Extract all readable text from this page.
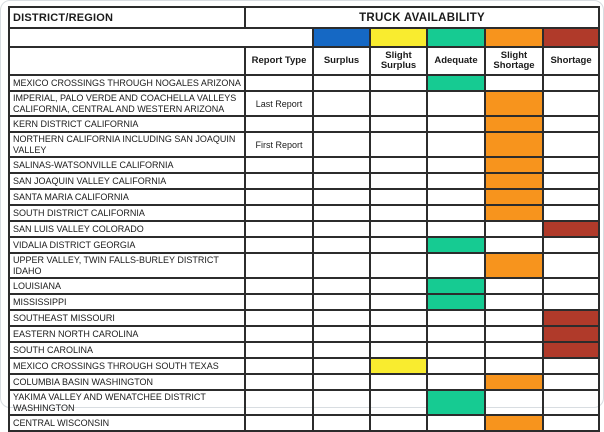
DISTRICT/REGION	TRUCK AVAILABILITY					

	Report Type	Surplus	Slight Surplus	Adequate	Slight Shortage	Shortage
MEXICO CROSSINGS THROUGH NOGALES ARIZONA						
IMPERIAL, PALO VERDE AND COACHELLA VALLEYS CALIFORNIA, CENTRAL AND WESTERN ARIZONA	Last Report					
KERN DISTRICT CALIFORNIA						
NORTHERN CALIFORNIA INCLUDING SAN JOAQUIN VALLEY	First Report					
SALINAS-WATSONVILLE CALIFORNIA						
SAN JOAQUIN VALLEY CALIFORNIA						
SANTA MARIA CALIFORNIA						
SOUTH DISTRICT CALIFORNIA						
SAN LUIS VALLEY COLORADO						
VIDALIA DISTRICT GEORGIA						
UPPER VALLEY, TWIN FALLS-BURLEY DISTRICT IDAHO						
LOUISIANA						
MISSISSIPPI						
SOUTHEAST MISSOURI						
EASTERN NORTH CAROLINA						
SOUTH CAROLINA						
MEXICO CROSSINGS THROUGH SOUTH TEXAS						
COLUMBIA BASIN WASHINGTON						
YAKIMA VALLEY AND WENATCHEE DISTRICT WASHINGTON						
CENTRAL WISCONSIN						
